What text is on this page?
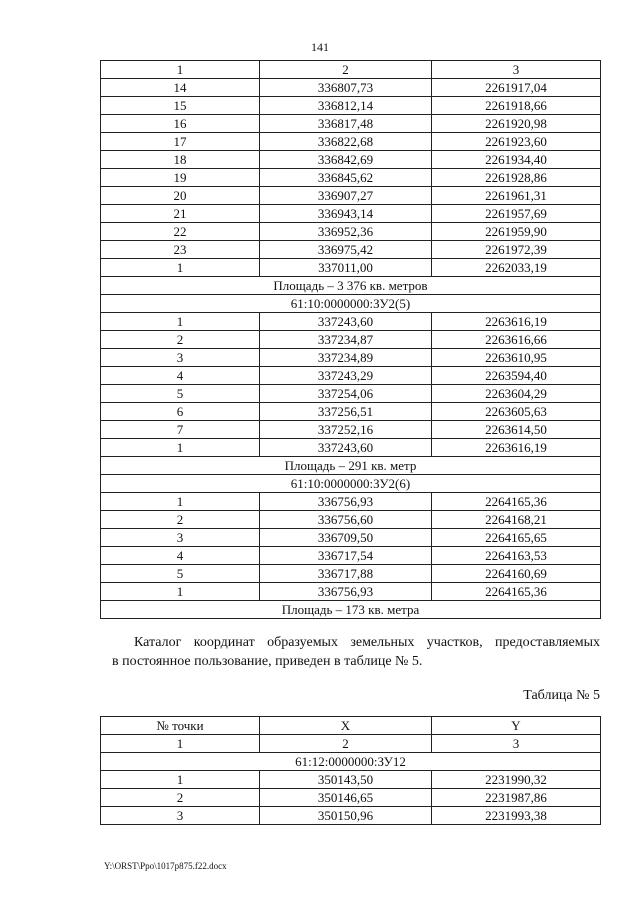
141
1	2	3
14	336807,73	2261917,04
15	336812,14	2261918,66
16	336817,48	2261920,98
17	336822,68	2261923,60
18	336842,69	2261934,40
19	336845,62	2261928,86
20	336907,27	2261961,31
21	336943,14	2261957,69
22	336952,36	2261959,90
23	336975,42	2261972,39
1	337011,00	2262033,19
Площадь – 3 376 кв. метров		
61:10:0000000:ЗУ2(5)		
1	337243,60	2263616,19
2	337234,87	2263616,66
3	337234,89	2263610,95
4	337243,29	2263594,40
5	337254,06	2263604,29
6	337256,51	2263605,63
7	337252,16	2263614,50
1	337243,60	2263616,19
Площадь – 291 кв. метр		
61:10:0000000:ЗУ2(6)		
1	336756,93	2264165,36
2	336756,60	2264168,21
3	336709,50	2264165,65
4	336717,54	2264163,53
5	336717,88	2264160,69
1	336756,93	2264165,36
Площадь – 173 кв. метра		
Каталог координат образуемых земельных участков, предоставляемых
в постоянное пользование, приведен в таблице № 5.
Таблица № 5
№ точки	X	Y
1	2	3
61:12:0000000:ЗУ12		
1	350143,50	2231990,32
2	350146,65	2231987,86
3	350150,96	2231993,38
Y:\ORST\Ppo\1017p875.f22.docx
